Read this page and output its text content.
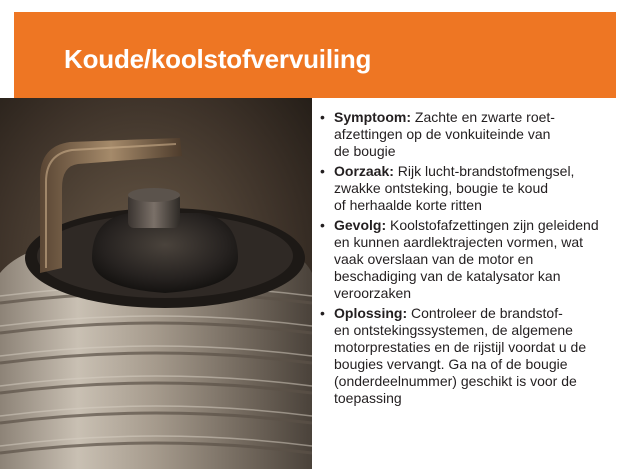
Koude/koolstofvervuiling
• Symptoom: Zachte en zwarte roet-
afzettingen op de vonkuiteinde van
de bougie
• Oorzaak: Rijk lucht-brandstofmengsel,
zwakke ontsteking, bougie te koud
of herhaalde korte ritten
• Gevolg: Koolstofafzettingen zijn geleidend
en kunnen aardlektrajecten vormen, wat
vaak overslaan van de motor en
beschadiging van de katalysator kan
veroorzaken
• Oplossing: Controleer de brandstof-
en ontstekingssystemen, de algemene
motorprestaties en de rijstijl voordat u de
bougies vervangt. Ga na of de bougie
(onderdeelnummer) geschikt is voor de
toepassing
